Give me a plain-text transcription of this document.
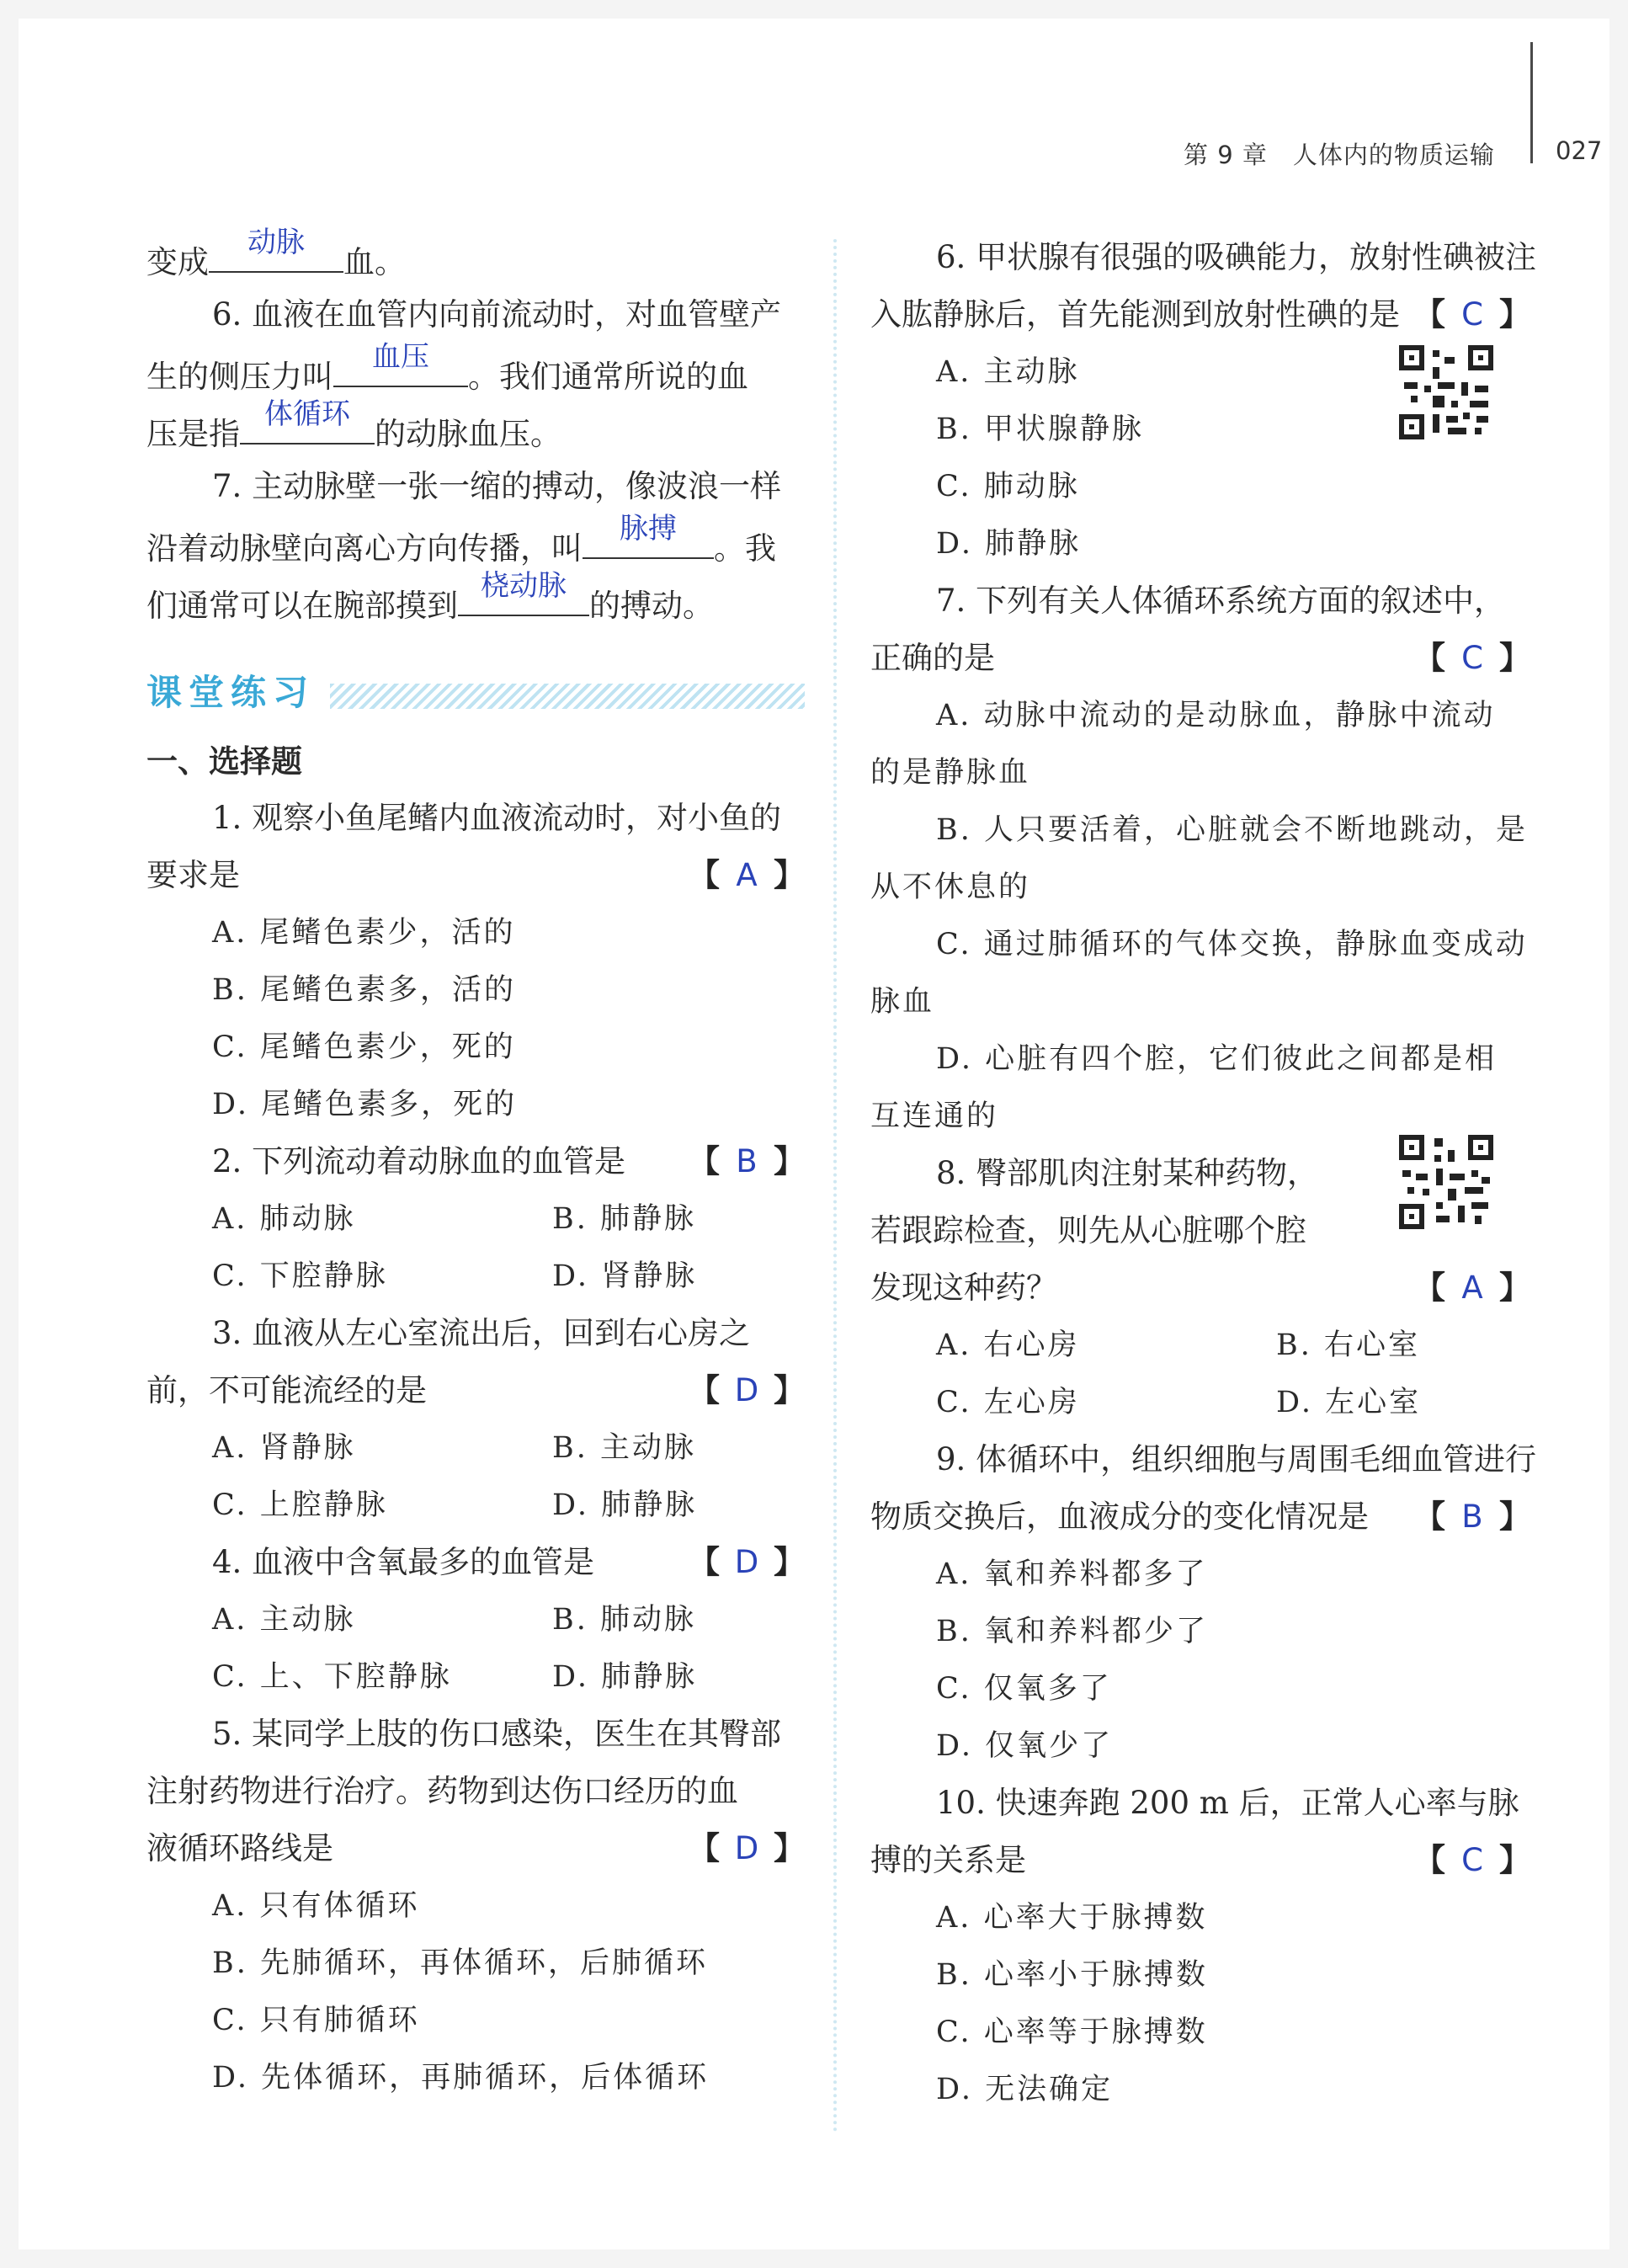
第 9 章　人体内的物质运输 027
变成
动脉
血。
6. 血液在血管内向前流动时，对血管壁产
生的侧压力叫
血压
。我们通常所说的血
压是指
体循环
的动脉血压。
7. 主动脉壁一张一缩的搏动，像波浪一样
沿着动脉壁向离心方向传播，叫
脉搏
。我
们通常可以在腕部摸到
桡动脉
的搏动。
课堂练习
一、选择题
1. 观察小鱼尾鳍内血液流动时，对小鱼的
要求是	【 A 】
A. 尾鳍色素少，活的
B. 尾鳍色素多，活的
C. 尾鳍色素少，死的
D. 尾鳍色素多，死的
2. 下列流动着动脉血的血管是 【 B 】
A. 肺动脉	B. 肺静脉
C. 下腔静脉	D. 肾静脉
3. 血液从左心室流出后，回到右心房之
前，不可能流经的是	【 D 】
A. 肾静脉	B. 主动脉
C. 上腔静脉	D. 肺静脉
4. 血液中含氧最多的血管是	【 D 】
A. 主动脉	B. 肺动脉
C. 上、下腔静脉	D. 肺静脉
5. 某同学上肢的伤口感染，医生在其臀部
注射药物进行治疗。药物到达伤口经历的血
液循环路线是	【 D 】
A. 只有体循环
B. 先肺循环，再体循环，后肺循环
C. 只有肺循环
D. 先体循环，再肺循环，后体循环
6. 甲状腺有很强的吸碘能力，放射性碘被注
入肱静脉后，首先能测到放射性碘的是 【 C 】
A. 主动脉
B. 甲状腺静脉
C. 肺动脉
D. 肺静脉
7. 下列有关人体循环系统方面的叙述中，
正确的是	【 C 】
A. 动脉中流动的是动脉血，静脉中流动
的是静脉血
B. 人只要活着，心脏就会不断地跳动，是
从不休息的
C. 通过肺循环的气体交换，静脉血变成动
脉血
D. 心脏有四个腔，它们彼此之间都是相
互连通的
8. 臀部肌肉注射某种药物，
若跟踪检查，则先从心脏哪个腔
发现这种药？	【 A 】
A. 右心房	B. 右心室
C. 左心房	D. 左心室
9. 体循环中，组织细胞与周围毛细血管进行
物质交换后，血液成分的变化情况是 【 B 】
A. 氧和养料都多了
B. 氧和养料都少了
C. 仅氧多了
D. 仅氧少了
10. 快速奔跑 200 m 后，正常人心率与脉
搏的关系是	【 C 】
A. 心率大于脉搏数
B. 心率小于脉搏数
C. 心率等于脉搏数
D. 无法确定
